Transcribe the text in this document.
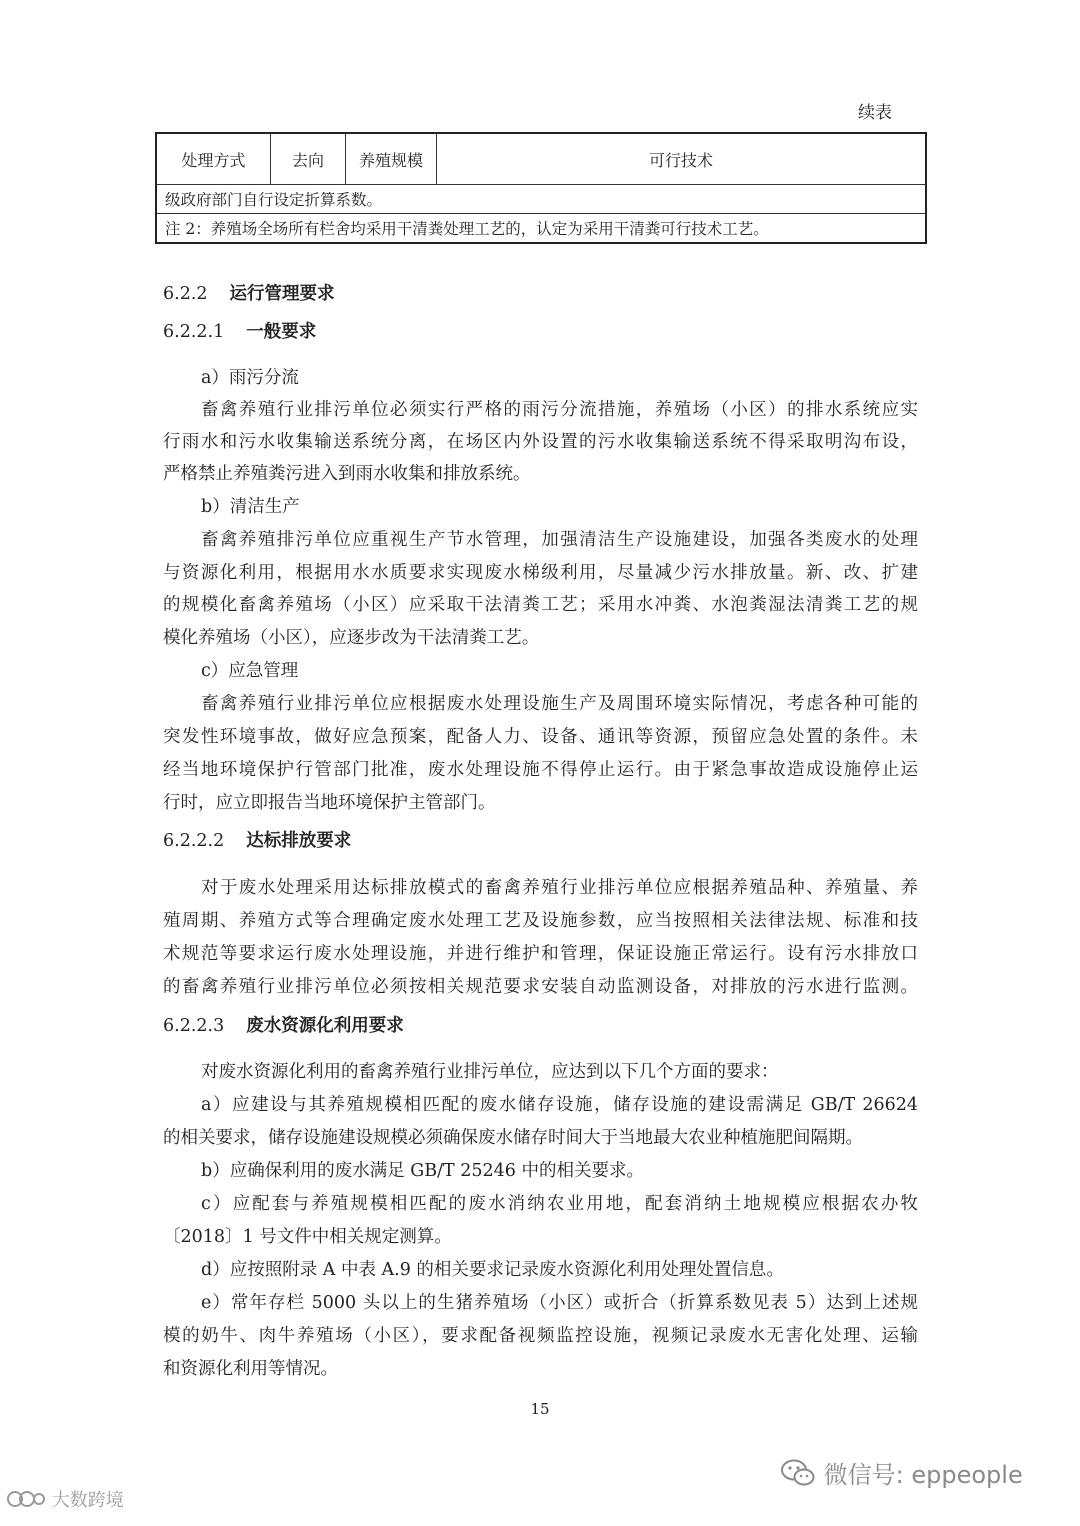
续表
处理方式	去向	养殖规模	可行技术
级政府部门自行设定折算系数。
注 2：养殖场全场所有栏舍均采用干清粪处理工艺的，认定为采用干清粪可行技术工艺。
6.2.2 运行管理要求
6.2.2.1 一般要求
a）雨污分流
畜禽养殖行业排污单位必须实行严格的雨污分流措施，养殖场（小区）的排水系统应实
行雨水和污水收集输送系统分离，在场区内外设置的污水收集输送系统不得采取明沟布设，
严格禁止养殖粪污进入到雨水收集和排放系统。
b）清洁生产
畜禽养殖排污单位应重视生产节水管理，加强清洁生产设施建设，加强各类废水的处理
与资源化利用，根据用水水质要求实现废水梯级利用，尽量减少污水排放量。新、改、扩建
的规模化畜禽养殖场（小区）应采取干法清粪工艺；采用水冲粪、水泡粪湿法清粪工艺的规
模化养殖场（小区），应逐步改为干法清粪工艺。
c）应急管理
畜禽养殖行业排污单位应根据废水处理设施生产及周围环境实际情况，考虑各种可能的
突发性环境事故，做好应急预案，配备人力、设备、通讯等资源，预留应急处置的条件。未
经当地环境保护行管部门批准，废水处理设施不得停止运行。由于紧急事故造成设施停止运
行时，应立即报告当地环境保护主管部门。
6.2.2.2 达标排放要求
对于废水处理采用达标排放模式的畜禽养殖行业排污单位应根据养殖品种、养殖量、养
殖周期、养殖方式等合理确定废水处理工艺及设施参数，应当按照相关法律法规、标准和技
术规范等要求运行废水处理设施，并进行维护和管理，保证设施正常运行。设有污水排放口
的畜禽养殖行业排污单位必须按相关规范要求安装自动监测设备，对排放的污水进行监测。
6.2.2.3 废水资源化利用要求
对废水资源化利用的畜禽养殖行业排污单位，应达到以下几个方面的要求：
a）应建设与其养殖规模相匹配的废水储存设施，储存设施的建设需满足 GB/T 26624
的相关要求，储存设施建设规模必须确保废水储存时间大于当地最大农业种植施肥间隔期。
b）应确保利用的废水满足 GB/T 25246 中的相关要求。
c）应配套与养殖规模相匹配的废水消纳农业用地，配套消纳土地规模应根据农办牧
〔2018〕1 号文件中相关规定测算。
d）应按照附录 A 中表 A.9 的相关要求记录废水资源化利用处理处置信息。
e）常年存栏 5000 头以上的生猪养殖场（小区）或折合（折算系数见表 5）达到上述规
模的奶牛、肉牛养殖场（小区），要求配备视频监控设施，视频记录废水无害化处理、运输
和资源化利用等情况。
15
微信号: eppeople
大数跨境
